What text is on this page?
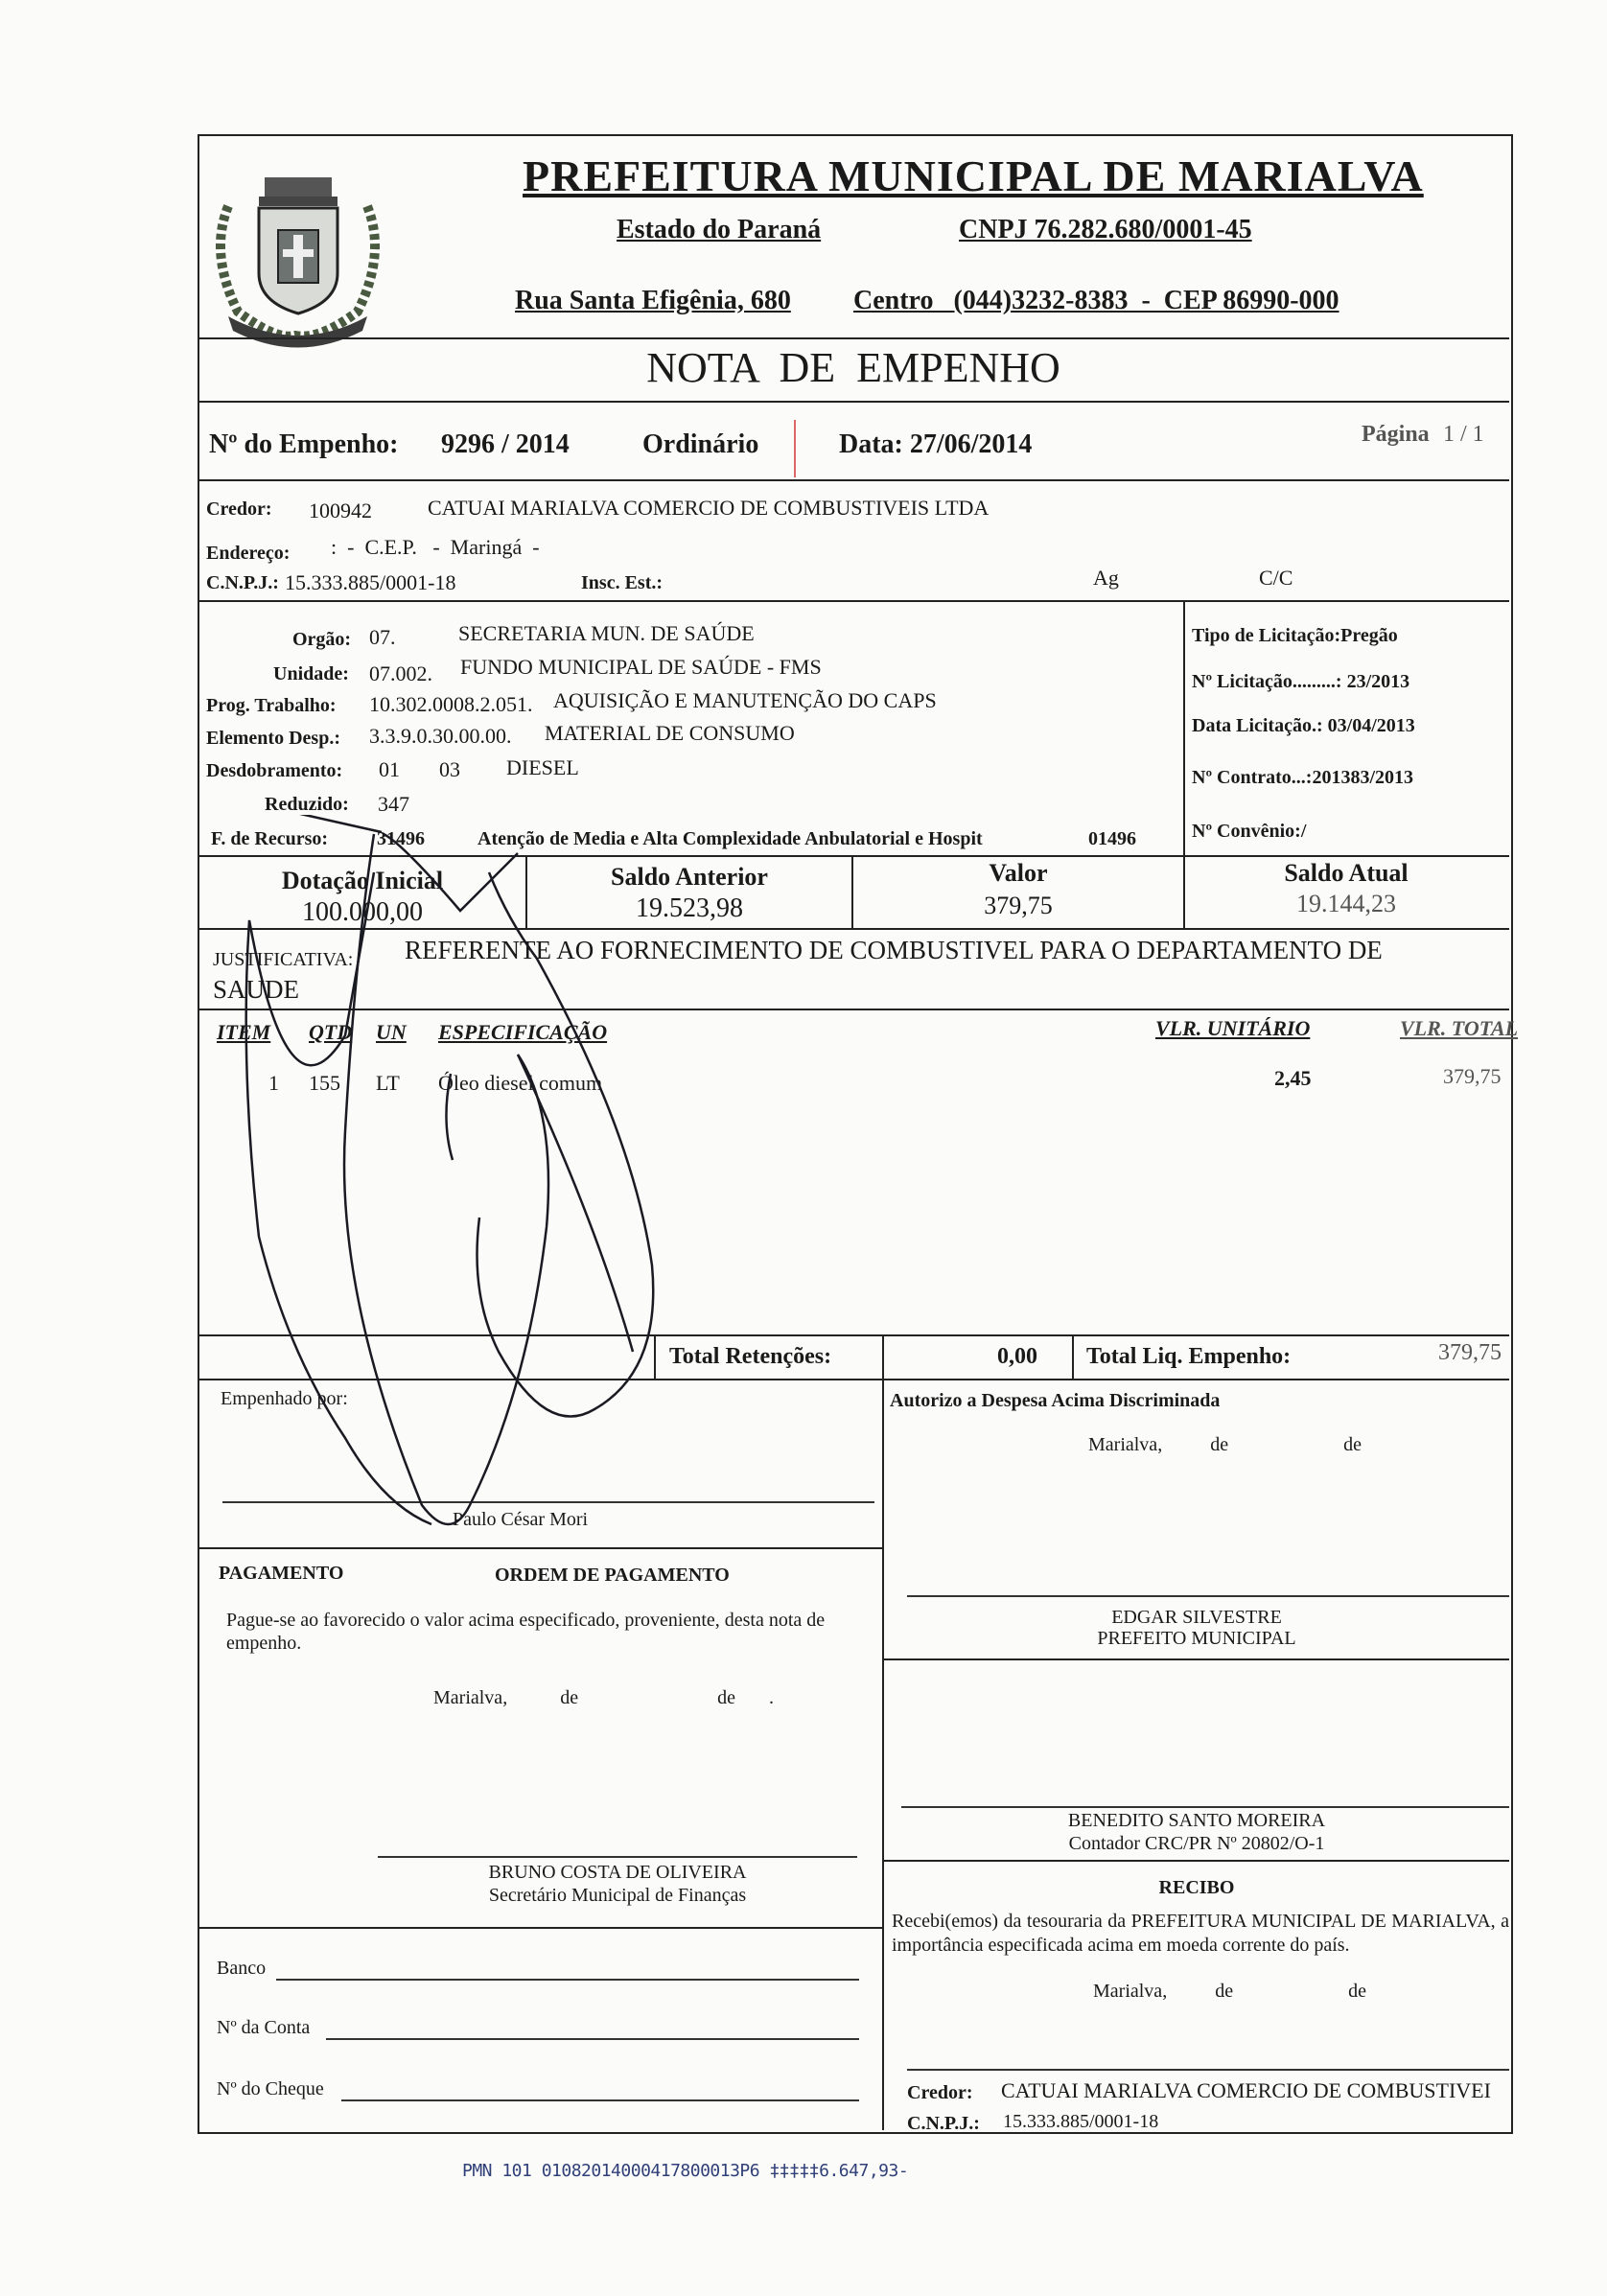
PREFEITURA MUNICIPAL DE MARIALVA
Estado do Paraná	CNPJ 76.282.680/0001-45
Rua Santa Efigênia, 680 Centro   (044)3232-8383  -  CEP 86990-000
NOTA  DE  EMPENHO
Nº do Empenho: 9296 / 2014	Ordinário	Data: 27/06/2014	Página 1 / 1
Credor: 100942	CATUAI MARIALVA COMERCIO DE COMBUSTIVEIS LTDA
Endereço: :  -  C.E.P.   -  Maringá  -
C.N.P.J.: 15.333.885/0001-18	Insc. Est.:	Ag	C/C
Orgão: 07.	SECRETARIA MUN. DE SAÚDE
Unidade: 07.002. FUNDO MUNICIPAL DE SAÚDE - FMS
Prog. Trabalho: 10.302.0008.2.051. AQUISIÇÃO E MANUTENÇÃO DO CAPS
Elemento Desp.: 3.3.9.0.30.00.00. MATERIAL DE CONSUMO
Desdobramento: 01 03 DIESEL
Reduzido: 347
F. de Recurso:	31496	Atenção de Media e Alta Complexidade Anbulatorial e Hospit	01496
Tipo de Licitação:Pregão
Nº Licitação.........: 23/2013
Data Licitação.: 03/04/2013
Nº Contrato...:201383/2013
Nº Convênio:/
Dotação Inicial
100.000,00
Saldo Anterior
19.523,98
Valor
379,75
Saldo Atual
19.144,23
JUSTIFICATIVA: REFERENTE AO FORNECIMENTO DE COMBUSTIVEL PARA O DEPARTAMENTO DE
SAUDE
ITEM QTD UN ESPECIFICAÇÃO	VLR. UNITÁRIO	VLR. TOTAL
1 155 LT Óleo diesel comum	2,45	379,75
Total Retenções:	0,00 Total Liq. Empenho:	379,75
Empenhado por:
Paulo César Mori
Autorizo a Despesa Acima Discriminada
Marialva,          de                        de
PAGAMENTO	ORDEM DE PAGAMENTO
Pague-se ao favorecido o valor acima especificado, proveniente, desta nota de empenho.
Marialva,           de                             de       .
EDGAR SILVESTRE
PREFEITO MUNICIPAL
BENEDITO SANTO MOREIRA
Contador CRC/PR Nº 20802/O-1
BRUNO COSTA DE OLIVEIRA
Secretário Municipal de Finanças	RECIBO
Recebi(emos) da tesouraria da PREFEITURA MUNICIPAL DE MARIALVA, a importância especificada acima em moeda corrente do país.
Marialva,          de                        de
Banco
Nº da Conta
Nº do Cheque	Credor: CATUAI MARIALVA COMERCIO DE COMBUSTIVEI
C.N.P.J.: 15.333.885/0001-18
PMN 101 01082014000417800013P6 ‡‡‡‡‡6.647,93-
